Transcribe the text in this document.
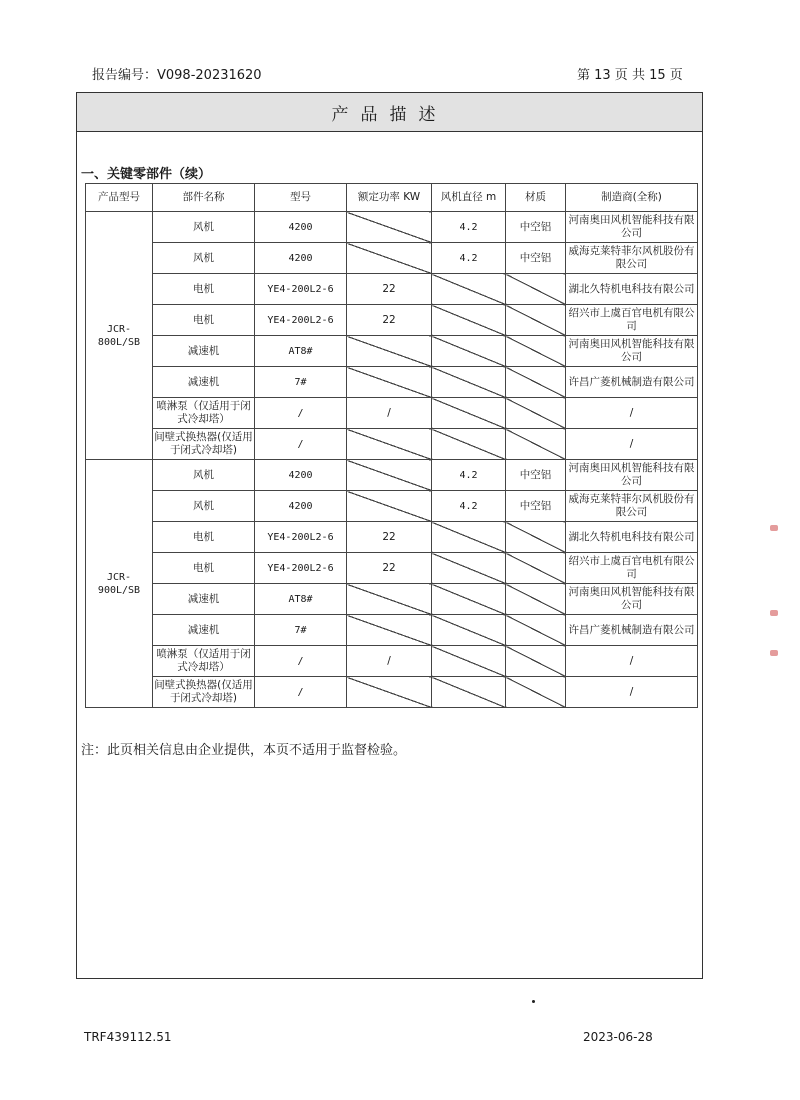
报告编号：V098-20231620	第 13 页 共 15 页
产品描述
一、关键零部件（续）
产品型号	部件名称	型号	额定功率 KW	风机直径 m	材质	制造商(全称)
JCR-800L/SB	风机	4200		4.2	中空铝	河南奥田风机智能科技有限公司
	风机	4200		4.2	中空铝	威海克莱特菲尔风机股份有限公司
	电机	YE4-200L2-6	22			湖北久特机电科技有限公司
	电机	YE4-200L2-6	22			绍兴市上虞百官电机有限公司
	减速机	AT8#				河南奥田风机智能科技有限公司
	减速机	7#				许昌广菱机械制造有限公司
	喷淋泵（仅适用于闭式冷却塔）	/	/			/
	间壁式换热器(仅适用于闭式冷却塔)	/				/
JCR-900L/SB	风机	4200		4.2	中空铝	河南奥田风机智能科技有限公司
	风机	4200		4.2	中空铝	威海克莱特菲尔风机股份有限公司
	电机	YE4-200L2-6	22			湖北久特机电科技有限公司
	电机	YE4-200L2-6	22			绍兴市上虞百官电机有限公司
	减速机	AT8#				河南奥田风机智能科技有限公司
	减速机	7#				许昌广菱机械制造有限公司
	喷淋泵（仅适用于闭式冷却塔）	/	/			/
	间壁式换热器(仅适用于闭式冷却塔)	/				/
注：此页相关信息由企业提供，本页不适用于监督检验。
TRF439112.51	2023-06-28
